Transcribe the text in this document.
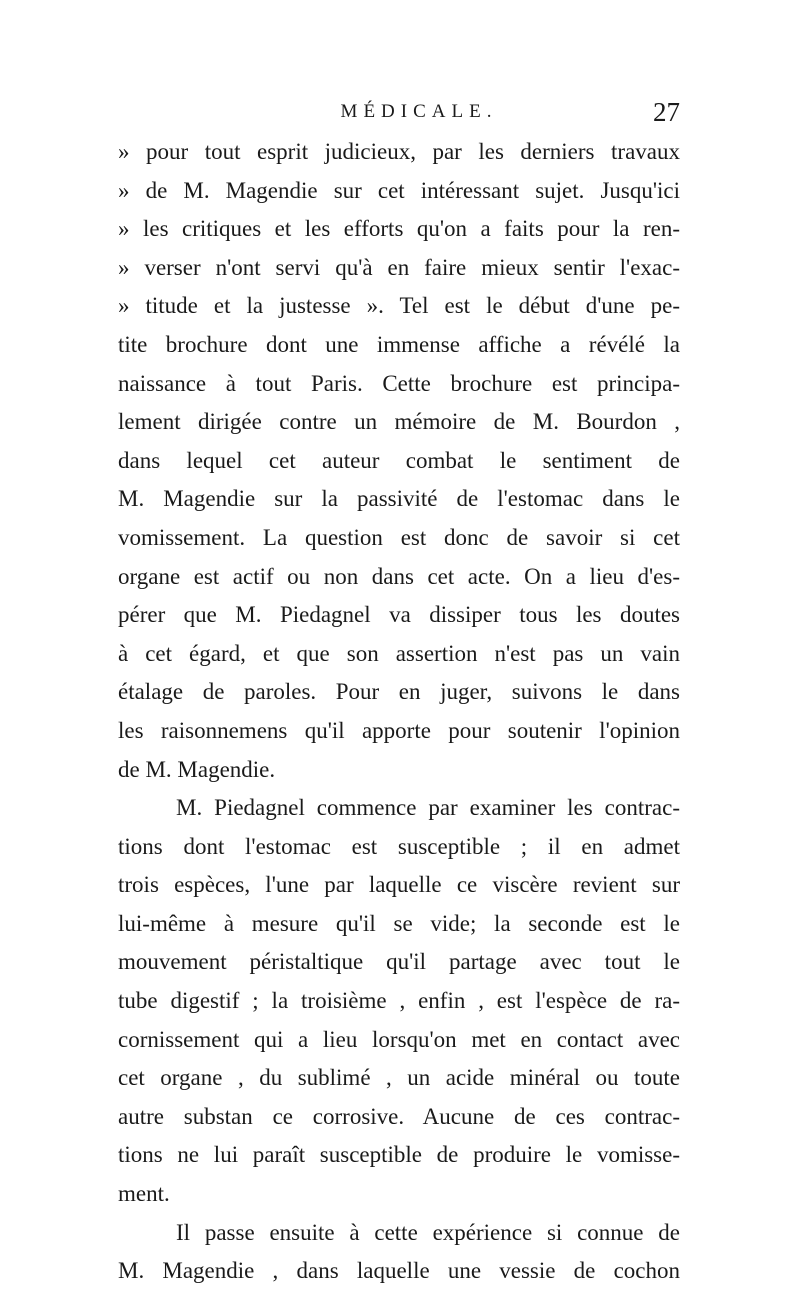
MÉDICALE.	27
» pour tout esprit judicieux, par les derniers travaux
» de M. Magendie sur cet intéressant sujet. Jusqu'ici
» les critiques et les efforts qu'on a faits pour la ren-
» verser n'ont servi qu'à en faire mieux sentir l'exac-
» titude et la justesse ». Tel est le début d'une pe-
tite brochure dont une immense affiche a révélé la
naissance à tout Paris. Cette brochure est principa-
lement dirigée contre un mémoire de M. Bourdon ,
dans lequel cet auteur combat le sentiment de
M. Magendie sur la passivité de l'estomac dans le
vomissement. La question est donc de savoir si cet
organe est actif ou non dans cet acte. On a lieu d'es-
pérer que M. Piedagnel va dissiper tous les doutes
à cet égard, et que son assertion n'est pas un vain
étalage de paroles. Pour en juger, suivons le dans
les raisonnemens qu'il apporte pour soutenir l'opinion
de M. Magendie.
M. Piedagnel commence par examiner les contrac-
tions dont l'estomac est susceptible ; il en admet
trois espèces, l'une par laquelle ce viscère revient sur
lui-même à mesure qu'il se vide; la seconde est le
mouvement péristaltique qu'il partage avec tout le
tube digestif ; la troisième , enfin , est l'espèce de ra-
cornissement qui a lieu lorsqu'on met en contact avec
cet organe , du sublimé , un acide minéral ou toute
autre substan ce corrosive. Aucune de ces contrac-
tions ne lui paraît susceptible de produire le vomisse-
ment.
Il passe ensuite à cette expérience si connue de
M. Magendie , dans laquelle une vessie de cochon
